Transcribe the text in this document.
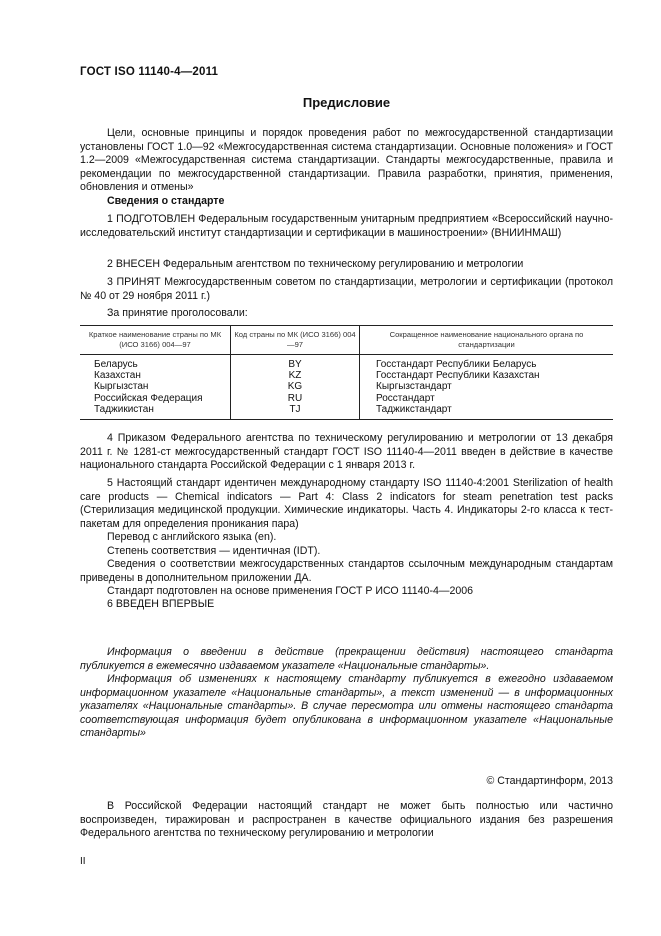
ГОСТ ISO 11140-4—2011
Предисловие

Цели, основные принципы и порядок проведения работ по межгосударственной стандартизации установлены ГОСТ 1.0—92 «Межгосударственная система стандартизации. Основные положения» и ГОСТ 1.2—2009 «Межгосударственная система стандартизации. Стандарты межгосударственные, правила и рекомендации по межгосударственной стандартизации. Правила разработки, принятия, применения, обновления и отмены»

Сведения о стандарте

1 ПОДГОТОВЛЕН Федеральным государственным унитарным предприятием «Всероссийский научно-исследовательский институт стандартизации и сертификации в машиностроении» (ВНИИНМАШ)

2 ВНЕСЕН Федеральным агентством по техническому регулированию и метрологии

3 ПРИНЯТ Межгосударственным советом по стандартизации, метрологии и сертификации (протокол № 40 от 29 ноября 2011 г.)

За принятие проголосовали:

Краткое наименование страны по МК (ИСО 3166) 004—97	Код страны по МК (ИСО 3166) 004—97	Сокращенное наименование национального органа по стандартизации
Беларусь	BY	Госстандарт Республики Беларусь
Казахстан	KZ	Госстандарт Республики Казахстан
Кыргызстан	KG	Кыргызстандарт
Российская Федерация	RU	Росстандарт
Таджикистан	TJ	Таджикстандарт

4 Приказом Федерального агентства по техническому регулированию и метрологии от 13 декабря 2011 г. № 1281-ст межгосударственный стандарт ГОСТ ISO 11140-4—2011 введен в действие в качестве национального стандарта Российской Федерации с 1 января 2013 г.

5 Настоящий стандарт идентичен международному стандарту ISO 11140-4:2001 Sterilization of health care products — Chemical indicators — Part 4: Class 2 indicators for steam penetration test packs (Стерилизация медицинской продукции. Химические индикаторы. Часть 4. Индикаторы 2-го класса к тест-пакетам для определения проникания пара)

Перевод с английского языка (en).

Степень соответствия — идентичная (IDT).

Сведения о соответствии межгосударственных стандартов ссылочным международным стандартам приведены в дополнительном приложении ДА.

Стандарт подготовлен на основе применения ГОСТ Р ИСО 11140-4—2006

6 ВВЕДЕН ВПЕРВЫЕ

Информация о введении в действие (прекращении действия) настоящего стандарта публикуется в ежемесячно издаваемом указателе «Национальные стандарты».

Информация об изменениях к настоящему стандарту публикуется в ежегодно издаваемом информационном указателе «Национальные стандарты», а текст изменений — в информационных указателях «Национальные стандарты». В случае пересмотра или отмены настоящего стандарта соответствующая информация будет опубликована в информационном указателе «Национальные стандарты»

© Стандартинформ, 2013

В Российской Федерации настоящий стандарт не может быть полностью или частично воспроизведен, тиражирован и распространен в качестве официального издания без разрешения Федерального агентства по техническому регулированию и метрологии

II
